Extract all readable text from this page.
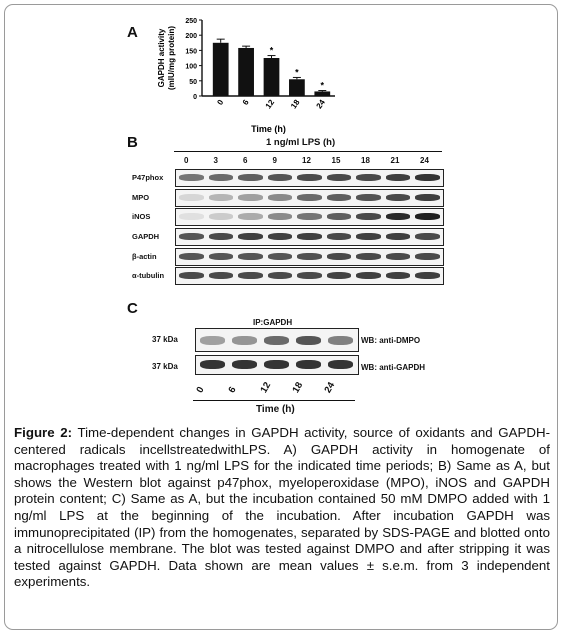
A
0
50
100
150
200
250
GAPDH activity (mIU/mg protein)
0 6
*
12
*
18
*
24
Time (h)
B	1 ng/ml LPS (h)
0	3	6	9	12	15	18	21	24
P47phox
MPO
iNOS
GAPDH
β-actin
α-tubulin
C
IP:GAPDH
37 kDa
37 kDa
WB: anti-DMPO
WB: anti-GAPDH
0 6 12 18 24
Time (h)
Figure 2: Time-dependent changes in GAPDH activity, source of oxidants and GAPDH-centered radicals incellstreatedwithLPS. A) GAPDH activity in homogenate of macrophages treated with 1 ng/ml LPS for the indicated time periods; B) Same as A, but shows the Western blot against p47phox, myeloperoxidase (MPO), iNOS and GAPDH protein content; C) Same as A, but the incubation contained 50 mM DMPO added with 1 ng/ml LPS at the beginning of the incubation. After incubation GAPDH was immunoprecipitated (IP) from the homogenates, separated by SDS-PAGE and blotted onto a nitrocellulose membrane. The blot was tested against DMPO and after stripping it was tested against GAPDH. Data shown are mean values ± s.e.m. from 3 independent experiments.
